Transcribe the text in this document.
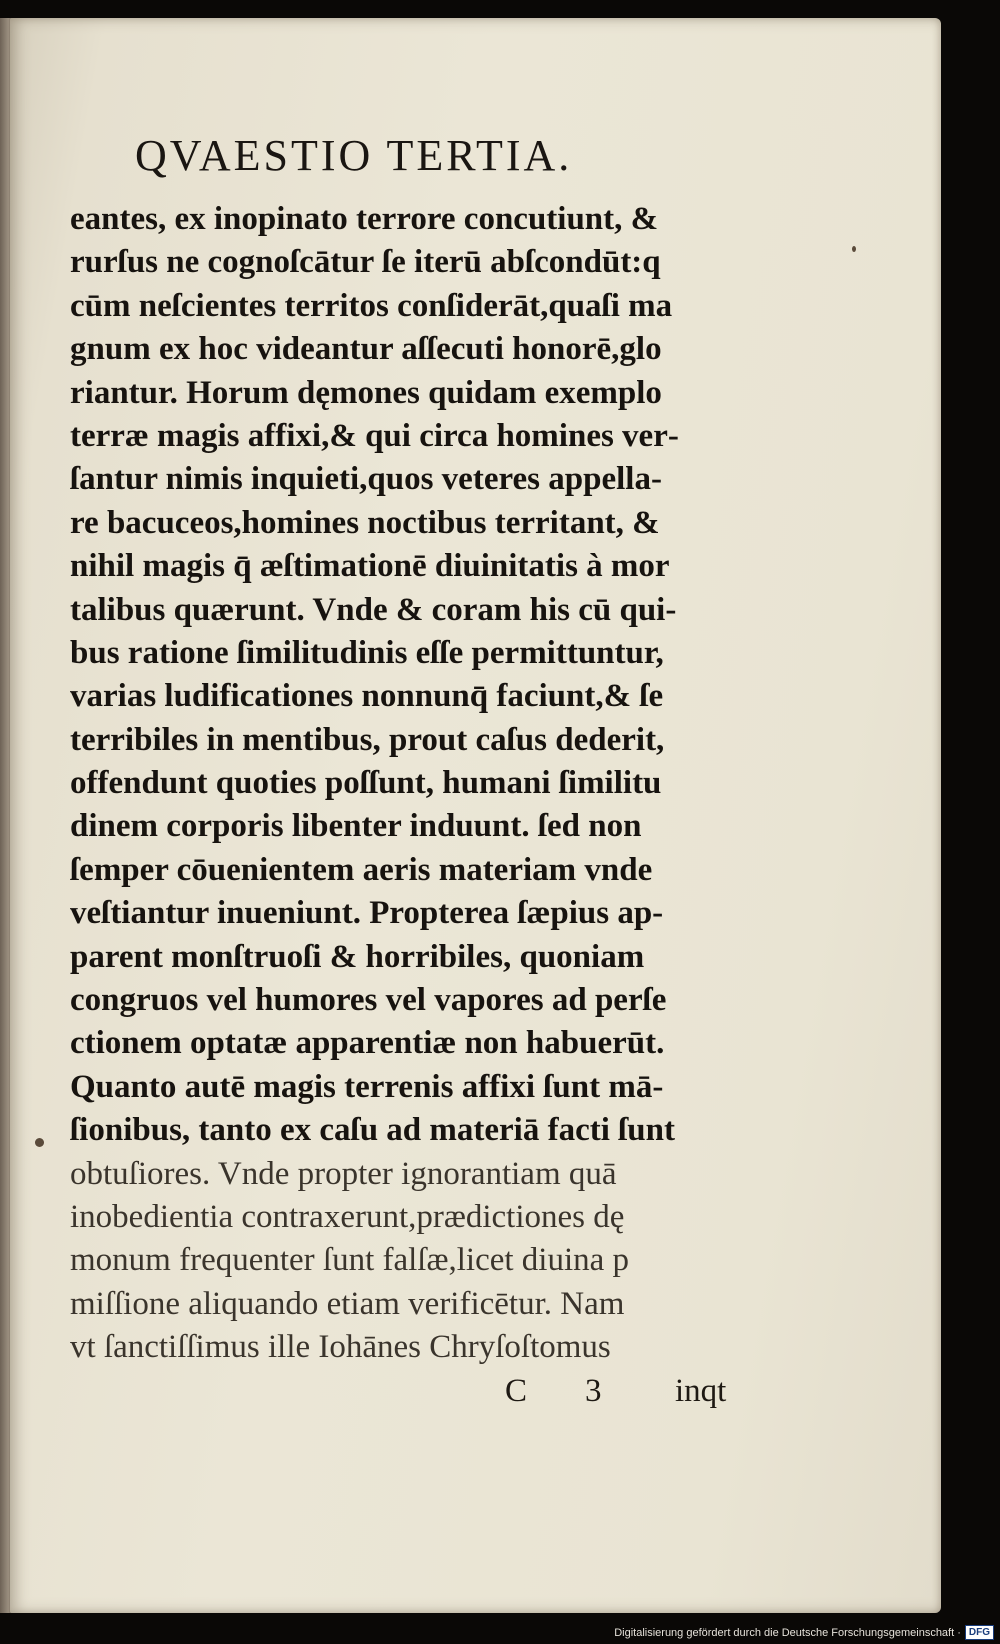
QVAESTIO TERTIA.
eantes, ex inopinato terrore concutiunt, &
rurſus ne cognoſcātur ſe iterū abſcondūt:q
cūm neſcientes territos conſiderāt,quaſi ma
gnum ex hoc videantur aſſecuti honorē,glo
riantur. Horum dęmones quidam exemplo
terræ magis affixi,& qui circa homines ver‑
ſantur nimis inquieti,quos veteres appella‑
re bacuceos,homines noctibus territant, &
nihil magis q̄ æſtimationē diuinitatis à mor
talibus quærunt. Vnde & coram his cū qui‑
bus ratione ſimilitudinis eſſe permittuntur,
varias ludificationes nonnunq̄ faciunt,& ſe
terribiles in mentibus, prout caſus dederit,
offendunt quoties poſſunt, humani ſimilitu
dinem corporis libenter induunt. ſed non
ſemper cōuenientem aeris materiam vnde
veſtiantur inueniunt. Propterea ſæpius ap‑
parent monſtruoſi & horribiles, quoniam
congruos vel humores vel vapores ad perſe
ctionem optatæ apparentiæ non habuerūt.
Quanto autē magis terrenis affixi ſunt mā‑
ſionibus, tanto ex caſu ad materiā facti ſunt
obtuſiores. Vnde propter ignorantiam quā
inobedientia contraxerunt,prædictiones dę
monum frequenter ſunt falſæ,licet diuina p
miſſione aliquando etiam verificētur. Nam
vt ſanctiſſimus ille Iohānes Chryſoſtomus
C 3 inqt
Digitalisierung gefördert durch die Deutsche Forschungsgemeinschaft · DFG
